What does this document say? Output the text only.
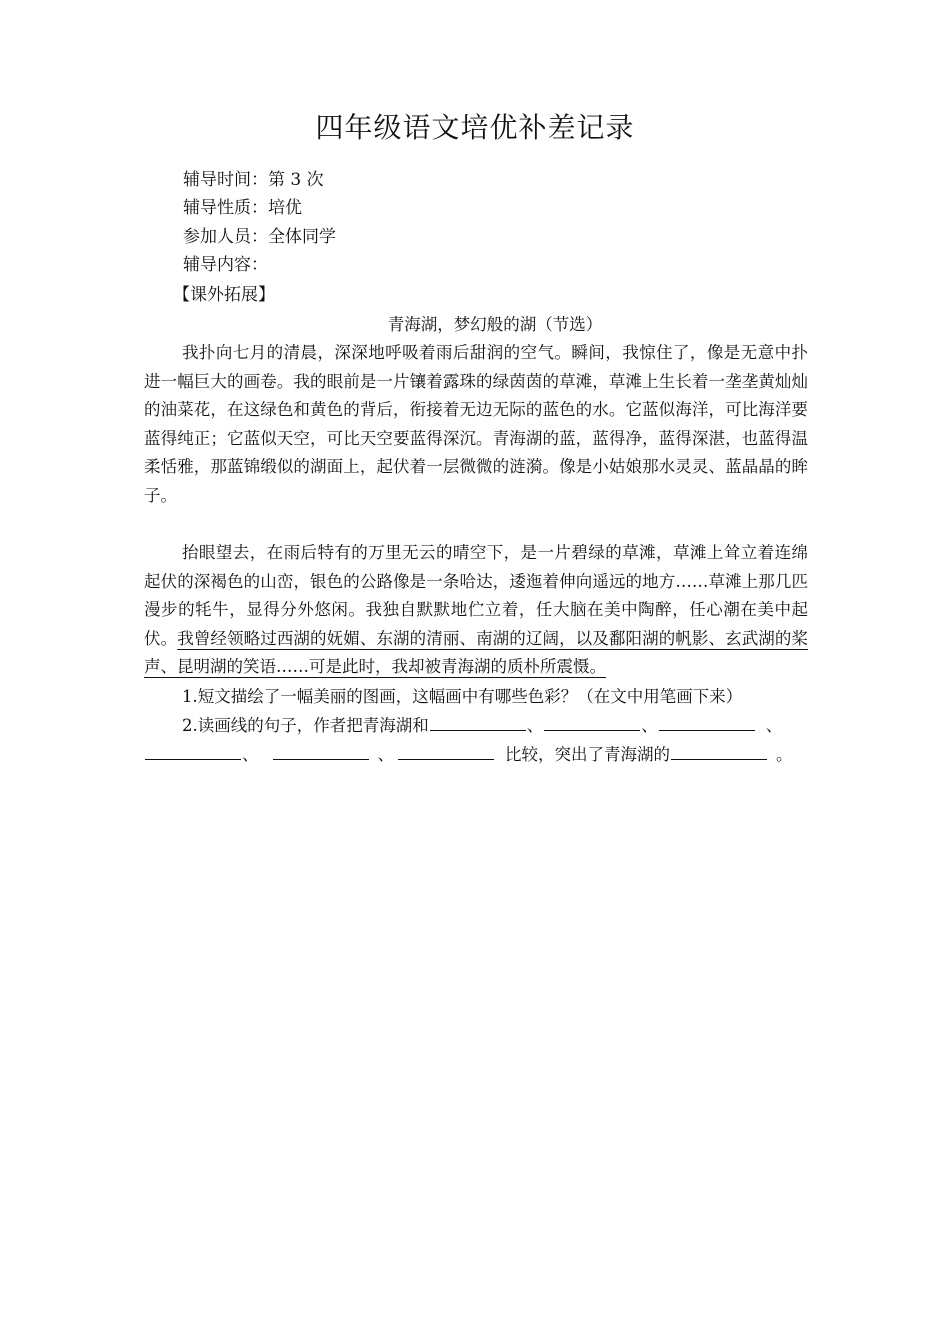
四年级语文培优补差记录
辅导时间：第 3 次
辅导性质：培优
参加人员：全体同学
辅导内容：
【课外拓展】
青海湖，梦幻般的湖（节选）

我扑向七月的清晨，深深地呼吸着雨后甜润的空气。瞬间，我惊住了，像是无意中扑进一幅巨大的画卷。我的眼前是一片镶着露珠的绿茵茵的草滩，草滩上生长着一垄垄黄灿灿的油菜花，在这绿色和黄色的背后，衔接着无边无际的蓝色的水。它蓝似海洋，可比海洋要蓝得纯正；它蓝似天空，可比天空要蓝得深沉。青海湖的蓝，蓝得净，蓝得深湛，也蓝得温柔恬雅，那蓝锦缎似的湖面上，起伏着一层微微的涟漪。像是小姑娘那水灵灵、蓝晶晶的眸子。

抬眼望去，在雨后特有的万里无云的晴空下，是一片碧绿的草滩，草滩上耸立着连绵起伏的深褐色的山峦，银色的公路像是一条哈达，逶迤着伸向遥远的地方……草滩上那几匹漫步的牦牛，显得分外悠闲。我独自默默地伫立着，任大脑在美中陶醉，任心潮在美中起伏。我曾经领略过西湖的妩媚、东湖的清丽、南湖的辽阔，以及鄱阳湖的帆影、玄武湖的桨声、昆明湖的笑语……可是此时，我却被青海湖的质朴所震慑。

1.短文描绘了一幅美丽的图画，这幅画中有哪些色彩？（在文中用笔画下来）
2.读画线的句子，作者把青海湖和	、	、	、
、	、	比较，突出了青海湖的	。
